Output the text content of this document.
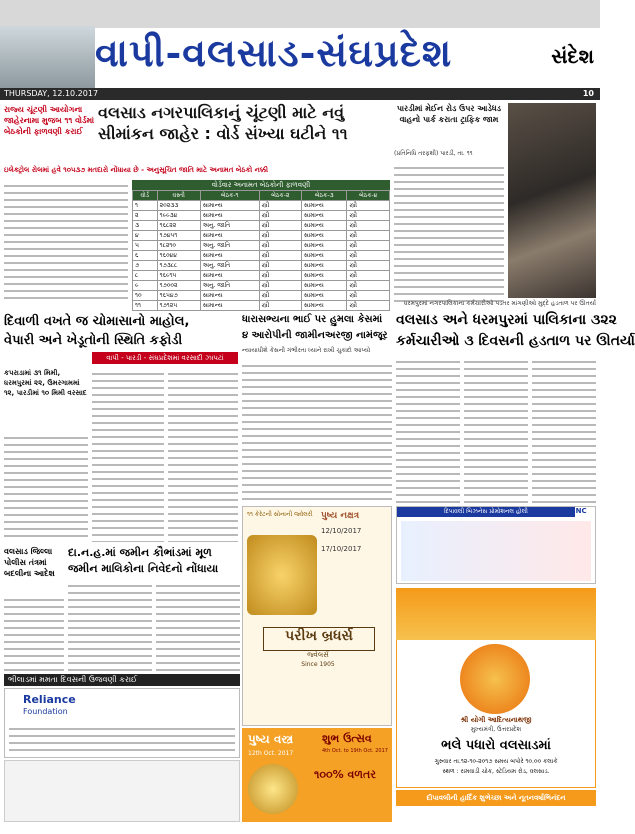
વાપી-વલસાડ-સંઘપ્રદેશ	સંદેશ
THURSDAY, 12.10.2017	10
રાજ્ય ચૂંટણી આયોગના જાહેરનામા મુજબ ૧૧ વોર્ડમાં બેઠકોની ફાળવણી કરાઈ
વલસાડ નગરપાલિકાનું ચૂંટણી માટે નવું
સીમાંકન જાહેર : વોર્ડ સંખ્યા ઘટીને ૧૧
ઇલેક્ટ્રોલ રોલમાં હવે ૧૦૫૩૭ મતદારો નોંધાયા છે - અનુસૂચિત જાતિ માટે અનામત બેઠકો નક્કી
વોર્ડવાર અનામત બેઠકોની ફાળવણી
વોર્ડ	વસ્તી	બેઠક-૧	બેઠક-૨	બેઠક-૩	બેઠક-૪
૧	૨૦૨૩૩	સામાન્ય	સ્ત્રી	સામાન્ય	સ્ત્રી
૨	૧૯૯૩૪	સામાન્ય	સ્ત્રી	સામાન્ય	સ્ત્રી
૩	૧૬૮૨૨	અનુ. જાતિ	સ્ત્રી	સામાન્ય	સ્ત્રી
૪	૧૭૪૫૧	સામાન્ય	સ્ત્રી	સામાન્ય	સ્ત્રી
૫	૧૮૨૧૦	અનુ. જાતિ	સ્ત્રી	સામાન્ય	સ્ત્રી
૬	૧૬૦૪૪	સામાન્ય	સ્ત્રી	સામાન્ય	સ્ત્રી
૭	૧૭૩૮૮	અનુ. જાતિ	સ્ત્રી	સામાન્ય	સ્ત્રી
૮	૧૬૯૧૫	સામાન્ય	સ્ત્રી	સામાન્ય	સ્ત્રી
૯	૧૭૦૦૨	અનુ. જાતિ	સ્ત્રી	સામાન્ય	સ્ત્રી
૧૦	૧૬૫૪૭	સામાન્ય	સ્ત્રી	સામાન્ય	સ્ત્રી
૧૧	૧૭૧૨૫	સામાન્ય	સ્ત્રી	સામાન્ય	સ્ત્રી
પારડીમાં મેઈન રોડ ઉપર આડેધડ વાહનો પાર્ક કરાતા ટ્રાફિક જામ
(પ્રતિનિધિ તરફથી) પારડી, તા. ૧૧
ધરમપુરમાં નગરપાલિકાના કર્મચારીઓ પડતર માંગણીઓ મુદ્દે હડતાળ પર ઊતર્યા
વલસાડ અને ધરમપુરમાં પાલિકાના ૩૨૨
કર્મચારીઓ ૩ દિવસની હડતાળ પર ઊતર્યા
દિવાળી વખતે જ ચોમાસાનો માહોલ,
વેપારી અને ખેડૂતોની સ્થિતિ કફોડી
વાપી - પારડી - સંઘપ્રદેશમાં વરસાદી ઝાપટાં
કપરાડામાં ૩૧ મિમી, ધરમપુરમાં ૨૨, ઉમરગામમાં ૧૨, પારડીમાં ૧૦ મિમી વરસાદ
ધારાસભ્યના ભાઈ પર હુમલા કેસમાં
૪ આરોપીની જામીનઅરજી નામંજૂર
ન્યાયાધીશે કેસની ગંભીરતા ધ્યાને રાખી ચુકાદો આપ્યો
૧૧ કેરેટની સોનાની જ્વેલરી પુષ્ય નક્ષત્ર
12/10/2017
17/10/2017
પરીખ બ્રધર્સ
જ્વેલર્સ
Since 1905
વલસાડ જિલ્લા પોલીસ તંત્રમાં બદલીના આદેશ
દા.ન.હ.માં જમીન કૌભાંડમાં મૂળ
જમીન માલિકોના નિવેદનો નોંધાયા
ભીલાડમાં મમતા દિવસની ઉજવણી કરાઈ
Reliance
Foundation
દિપાવલી બિઝનેસ પ્રોમોશનલ હોલી	INC
શ્રી યોગી આદિત્યનાથજી
મુખ્યમંત્રી, ઉત્તરપ્રદેશ
ભલે પધારો વલસાડમાં
ગુરુવાર તા.૧૨-૧૦-૨૦૧૭ સમય બપોરે ૧૦.૦૦ કલાકે
સ્થળ : રામવાડી ચોક, સ્ટેડિયમ રોડ, વલસાડ.
પુષ્ય વસ્ત્ર
12th Oct. 2017
શુભ ઉત્સવ
4th Oct. to 19th Oct. 2017
૧૦૦% વળતર
દીપાવલીની હાર્દિક શુભેચ્છા અને નૂતનવર્ષાભિનંદન
